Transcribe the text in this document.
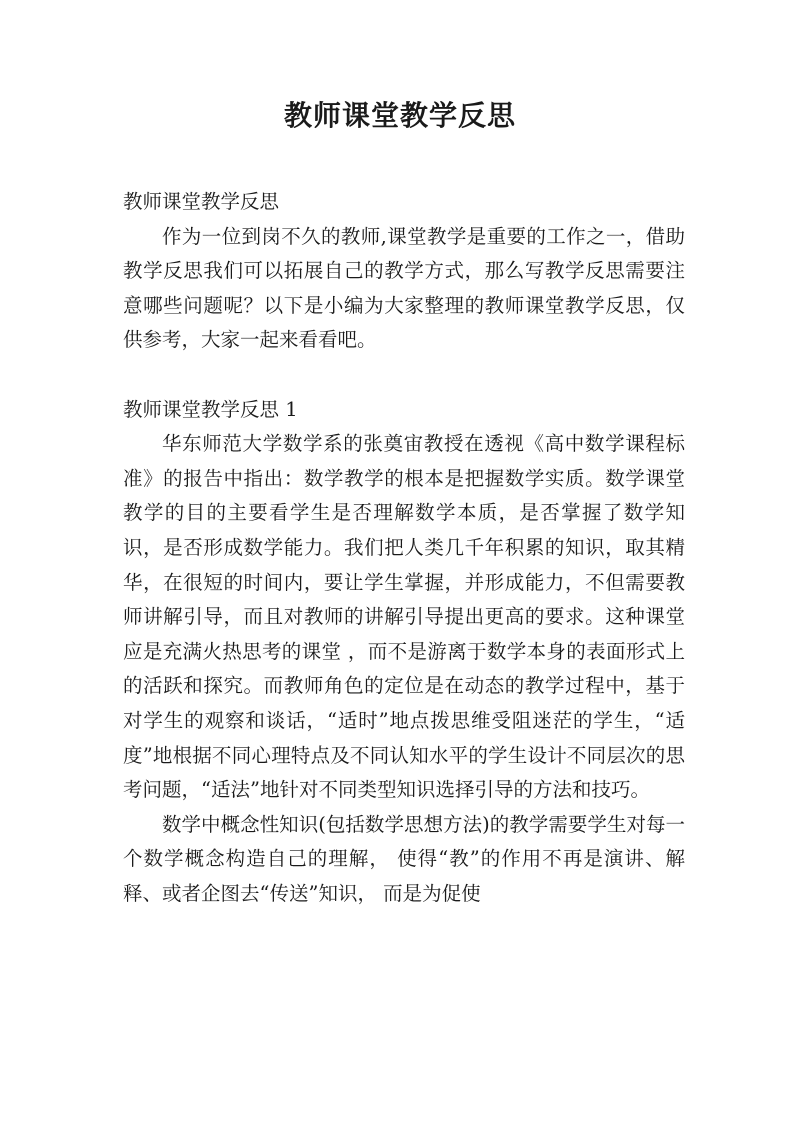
教师课堂教学反思

教师课堂教学反思

作为一位到岗不久的教师,课堂教学是重要的工作之一，借助教学反思我们可以拓展自己的教学方式，那么写教学反思需要注意哪些问题呢？以下是小编为大家整理的教师课堂教学反思，仅供参考，大家一起来看看吧。

教师课堂教学反思 1

华东师范大学数学系的张奠宙教授在透视《高中数学课程标准》的报告中指出：数学教学的根本是把握数学实质。数学课堂教学的目的主要看学生是否理解数学本质，是否掌握了数学知识，是否形成数学能力。我们把人类几千年积累的知识，取其精华，在很短的时间内，要让学生掌握，并形成能力，不但需要教师讲解引导，而且对教师的讲解引导提出更高的要求。这种课堂应是充满火热思考的课堂 ，而不是游离于数学本身的表面形式上的活跃和探究。而教师角色的定位是在动态的教学过程中，基于对学生的观察和谈话，“适时”地点拨思维受阻迷茫的学生，“适度”地根据不同心理特点及不同认知水平的学生设计不同层次的思考问题，“适法”地针对不同类型知识选择引导的方法和技巧。

数学中概念性知识(包括数学思想方法)的教学需要学生对每一个数学概念构造自己的理解， 使得“教”的作用不再是演讲、解释、或者企图去“传送”知识， 而是为促使
